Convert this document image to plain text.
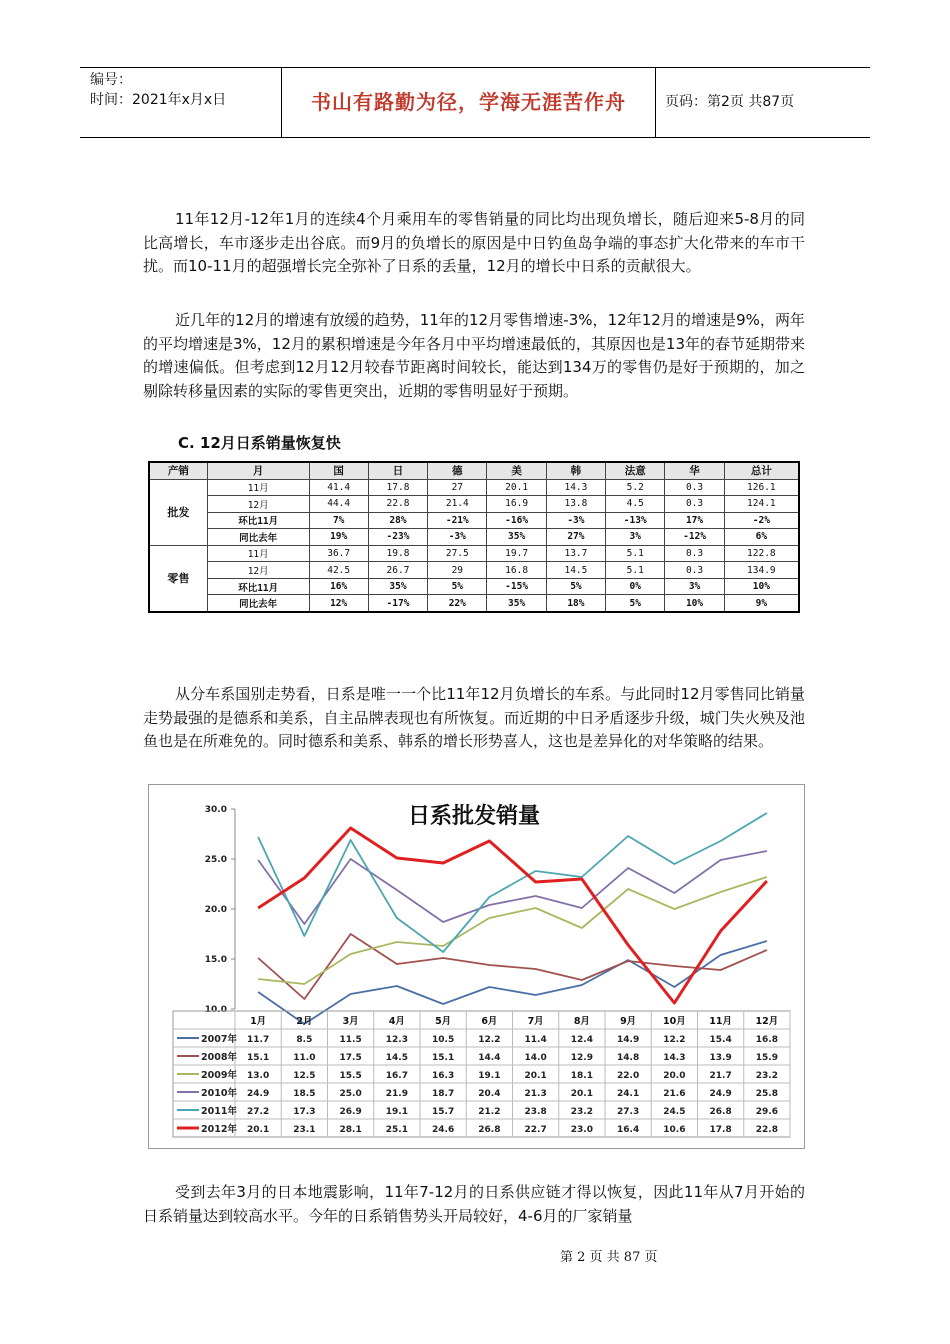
编号：
时间：2021年x月x日	书山有路勤为径，学海无涯苦作舟	页码：第2页 共87页

11年12月-12年1月的连续4个月乘用车的零售销量的同比均出现负增长，随后迎来5-8月的同比高增长，车市逐步走出谷底。而9月的负增长的原因是中日钓鱼岛争端的事态扩大化带来的车市干扰。而10-11月的超强增长完全弥补了日系的丢量，12月的增长中日系的贡献很大。

近几年的12月的增速有放缓的趋势，11年的12月零售增速-3%，12年12月的增速是9%，两年的平均增速是3%，12月的累积增速是今年各月中平均增速最低的，其原因也是13年的春节延期带来的增速偏低。但考虑到12月12月较春节距离时间较长，能达到134万的零售仍是好于预期的，加之剔除转移量因素的实际的零售更突出，近期的零售明显好于预期。

C. 12月日系销量恢复快
产销	月	国	日	德	美	韩	法意	华	总计
批发	11月	41.4	17.8	27	20.1	14.3	5.2	0.3	126.1
	12月	44.4	22.8	21.4	16.9	13.8	4.5	0.3	124.1
	环比11月	7%	28%	-21%	-16%	-3%	-13%	17%	-2%
	同比去年	19%	-23%	-3%	35%	27%	3%	-12%	6%
零售	11月	36.7	19.8	27.5	19.7	13.7	5.1	0.3	122.8
	12月	42.5	26.7	29	16.8	14.5	5.1	0.3	134.9
	环比11月	16%	35%	5%	-15%	5%	0%	3%	10%
	同比去年	12%	-17%	22%	35%	18%	5%	10%	9%

从分车系国别走势看，日系是唯一一个比11年12月负增长的车系。与此同时12月零售同比销量走势最强的是德系和美系，自主品牌表现也有所恢复。而近期的中日矛盾逐步升级，城门失火殃及池鱼也是在所难免的。同时德系和美系、韩系的增长形势喜人，这也是差异化的对华策略的结果。

10.0
15.0
20.0
25.0
30.0	日系批发销量
1月	2月	3月	4月	5月	6月	7月	8月	9月	10月 11月 12月
2007年 11.7	8.5	11.5	12.3	10.5	12.2	11.4	12.4	14.9	12.2	15.4	16.8
2008年 15.1	11.0	17.5	14.5	15.1	14.4	14.0	12.9	14.8	14.3	13.9	15.9
2009年 13.0	12.5	15.5	16.7	16.3	19.1	20.1	18.1	22.0	20.0	21.7	23.2
2010年 24.9	18.5	25.0	21.9	18.7	20.4	21.3	20.1	24.1	21.6	24.9	25.8
2011年 27.2	17.3	26.9	19.1	15.7	21.2	23.8	23.2	27.3	24.5	26.8	29.6
2012年 20.1	23.1	28.1	25.1	24.6	26.8	22.7	23.0	16.4	10.6	17.8	22.8

受到去年3月的日本地震影响，11年7-12月的日系供应链才得以恢复，因此11年从7月开始的日系销量达到较高水平。今年的日系销售势头开局较好，4-6月的厂家销量

第 2 页 共 87 页
